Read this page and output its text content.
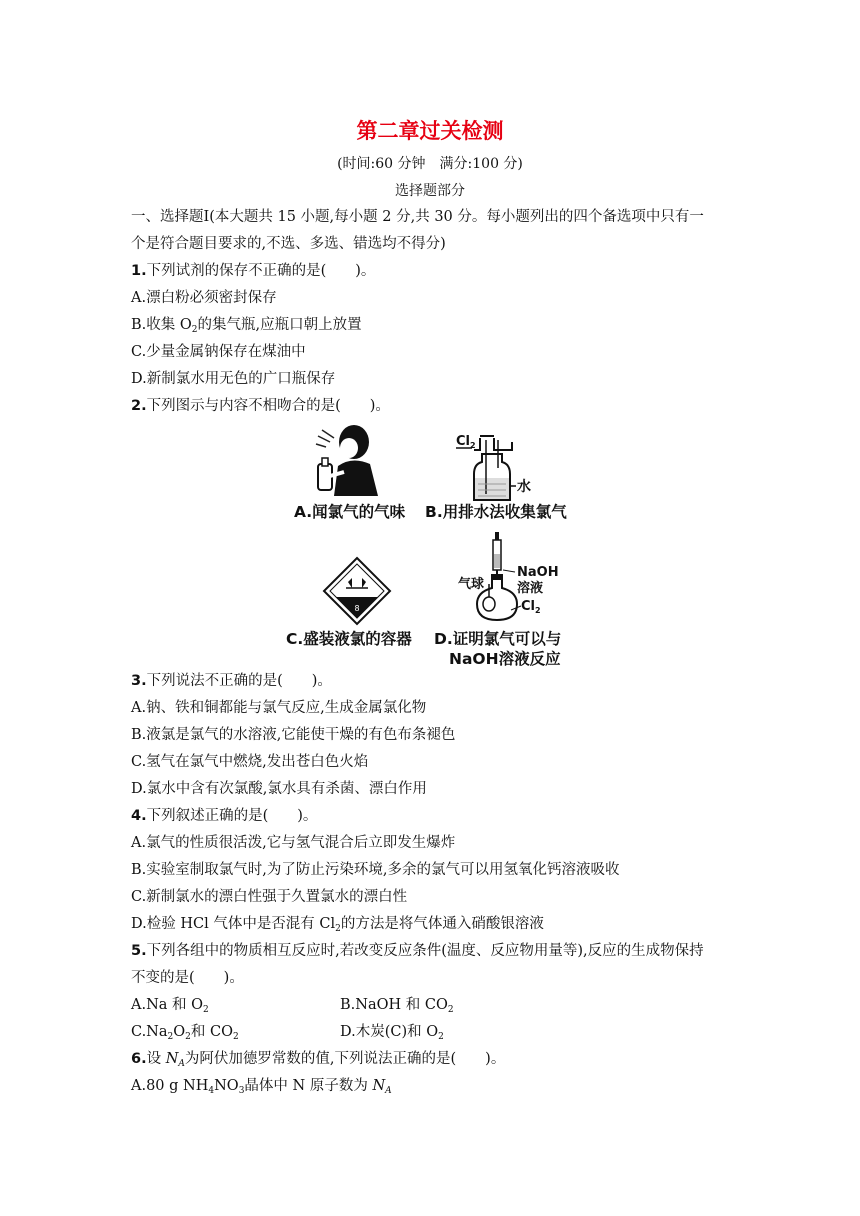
第二章过关检测
(时间:60 分钟　满分:100 分)
选择题部分
一、选择题Ⅰ(本大题共 15 小题,每小题 2 分,共 30 分。每小题列出的四个备选项中只有一
个是符合题目要求的,不选、多选、错选均不得分)
1.下列试剂的保存不正确的是(　　)。
A.漂白粉必须密封保存
B.收集 $O_2$的集气瓶,应瓶口朝上放置
C.少量金属钠保存在煤油中
D.新制氯水用无色的广口瓶保存
2.下列图示与内容不相吻合的是(　　)。
$Cl_2$
水
A.闻氯气的气味 B.用排水法收集氯气
8
气球
NaOH
溶液
$Cl_2$
C.盛装液氯的容器 D.证明氯气可以与
NaOH溶液反应
3.下列说法不正确的是(　　)。
A.钠、铁和铜都能与氯气反应,生成金属氯化物
B.液氯是氯气的水溶液,它能使干燥的有色布条褪色
C.氢气在氯气中燃烧,发出苍白色火焰
D.氯水中含有次氯酸,氯水具有杀菌、漂白作用
4.下列叙述正确的是(　　)。
A.氯气的性质很活泼,它与氢气混合后立即发生爆炸
B.实验室制取氯气时,为了防止污染环境,多余的氯气可以用氢氧化钙溶液吸收
C.新制氯水的漂白性强于久置氯水的漂白性
D.检验 HCl 气体中是否混有 $Cl_2$的方法是将气体通入硝酸银溶液
5.下列各组中的物质相互反应时,若改变反应条件(温度、反应物用量等),反应的生成物保持
不变的是(　　)。
A.Na 和 $O_2$	B.NaOH 和 $CO_2$
$C.Na_2O_2$和 $CO_2$	D.木炭(C)和 $O_2$
6.设 $N_A$为阿伏加德罗常数的值,下列说法正确的是(　　)。
A.80 g $NH_4NO_3$晶体中 N 原子数为 $N_A$
